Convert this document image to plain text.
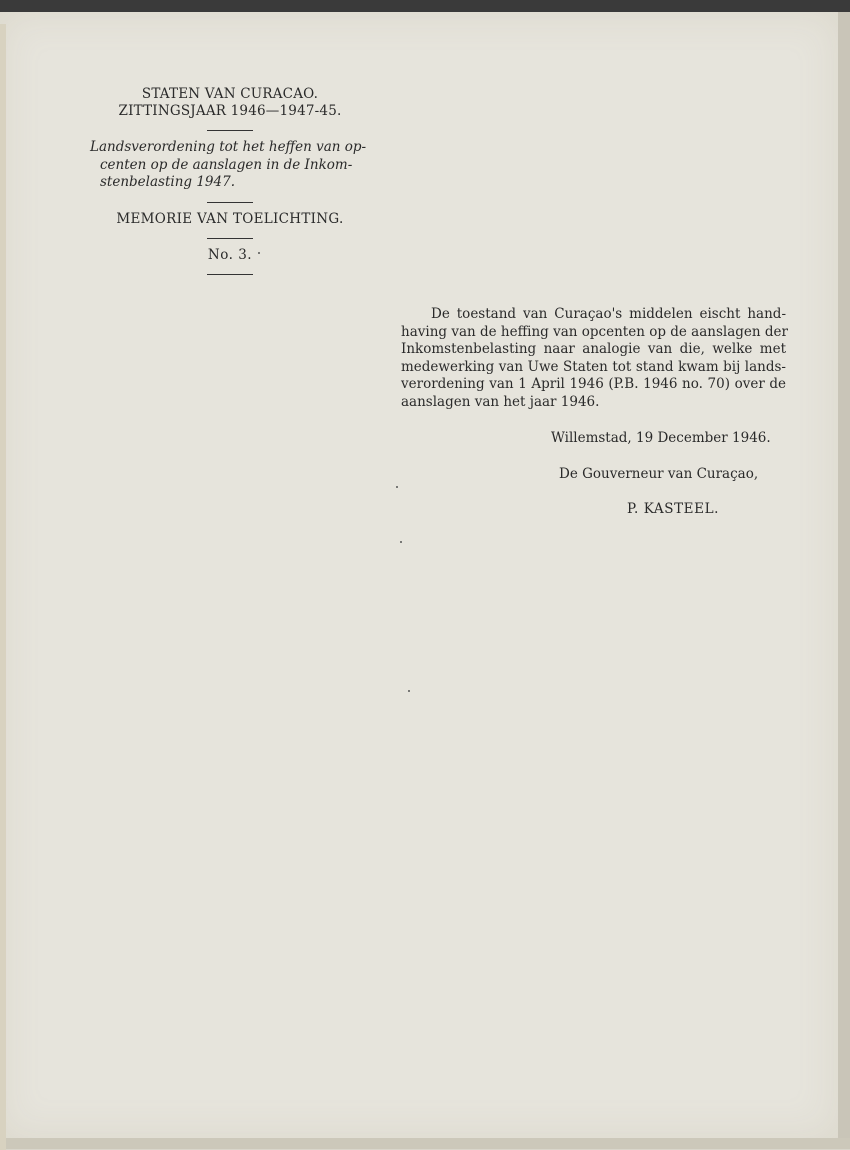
STATEN VAN CURACAO.
ZITTINGSJAAR 1946—1947-45.
Landsverordening tot het heffen van op-
centen op de aanslagen in de Inkom-
stenbelasting 1947.
MEMORIE VAN TOELICHTING.
No. 3.
De toestand van Curaçao's middelen eischt hand-
having van de heffing van opcenten op de aanslagen der
Inkomstenbelasting naar analogie van die, welke met
medewerking van Uwe Staten tot stand kwam bij lands-
verordening van 1 April 1946 (P.B. 1946 no. 70) over de
aanslagen van het jaar 1946.
Willemstad, 19 December 1946.
De Gouverneur van Curaçao,
P. KASTEEL.
